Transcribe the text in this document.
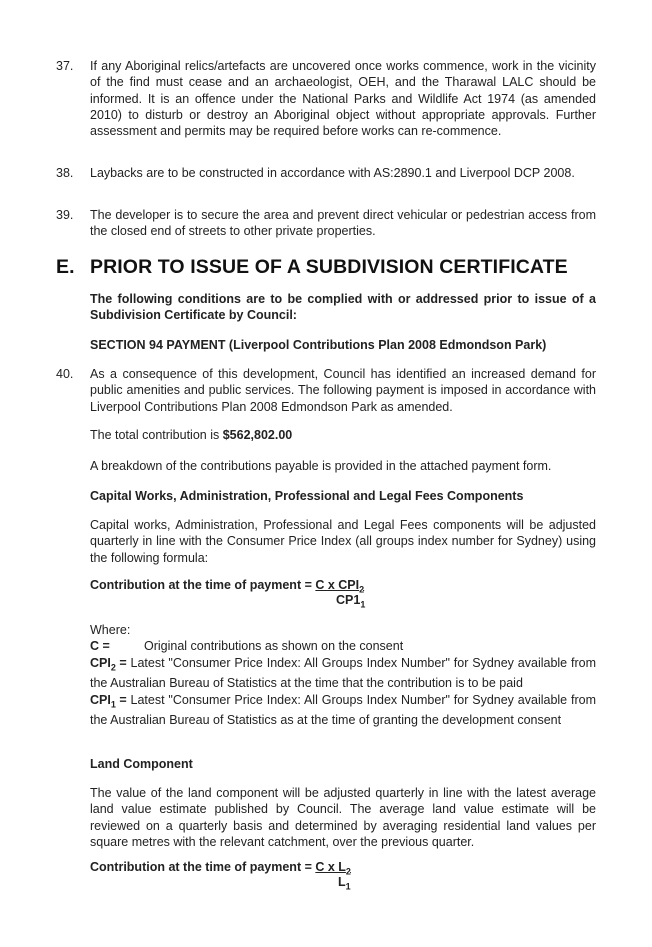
37. If any Aboriginal relics/artefacts are uncovered once works commence, work in the vicinity of the find must cease and an archaeologist, OEH, and the Tharawal LALC should be informed. It is an offence under the National Parks and Wildlife Act 1974 (as amended 2010) to disturb or destroy an Aboriginal object without appropriate approvals. Further assessment and permits may be required before works can re-commence.
38. Laybacks are to be constructed in accordance with AS:2890.1 and Liverpool DCP 2008.
39. The developer is to secure the area and prevent direct vehicular or pedestrian access from the closed end of streets to other private properties.
E. PRIOR TO ISSUE OF A SUBDIVISION CERTIFICATE
The following conditions are to be complied with or addressed prior to issue of a Subdivision Certificate by Council:
SECTION 94 PAYMENT (Liverpool Contributions Plan 2008 Edmondson Park)
40. As a consequence of this development, Council has identified an increased demand for public amenities and public services. The following payment is imposed in accordance with Liverpool Contributions Plan 2008 Edmondson Park as amended.
The total contribution is $562,802.00
A breakdown of the contributions payable is provided in the attached payment form.
Capital Works, Administration, Professional and Legal Fees Components
Capital works, Administration, Professional and Legal Fees components will be adjusted quarterly in line with the Consumer Price Index (all groups index number for Sydney) using the following formula:
Contribution at the time of payment = C x $CPI_2$
$CP1_1$
Where:
C =	Original contributions as shown on the consent
$CPI_2$ = Latest "Consumer Price Index: All Groups Index Number" for Sydney available from the Australian Bureau of Statistics at the time that the contribution is to be paid
$CPI_1$ = Latest "Consumer Price Index: All Groups Index Number" for Sydney available from the Australian Bureau of Statistics as at the time of granting the development consent
Land Component
The value of the land component will be adjusted quarterly in line with the latest average land value estimate published by Council. The average land value estimate will be reviewed on a quarterly basis and determined by averaging residential land values per square metres with the relevant catchment, over the previous quarter.
Contribution at the time of payment = C x $L_2$
$L_1$
